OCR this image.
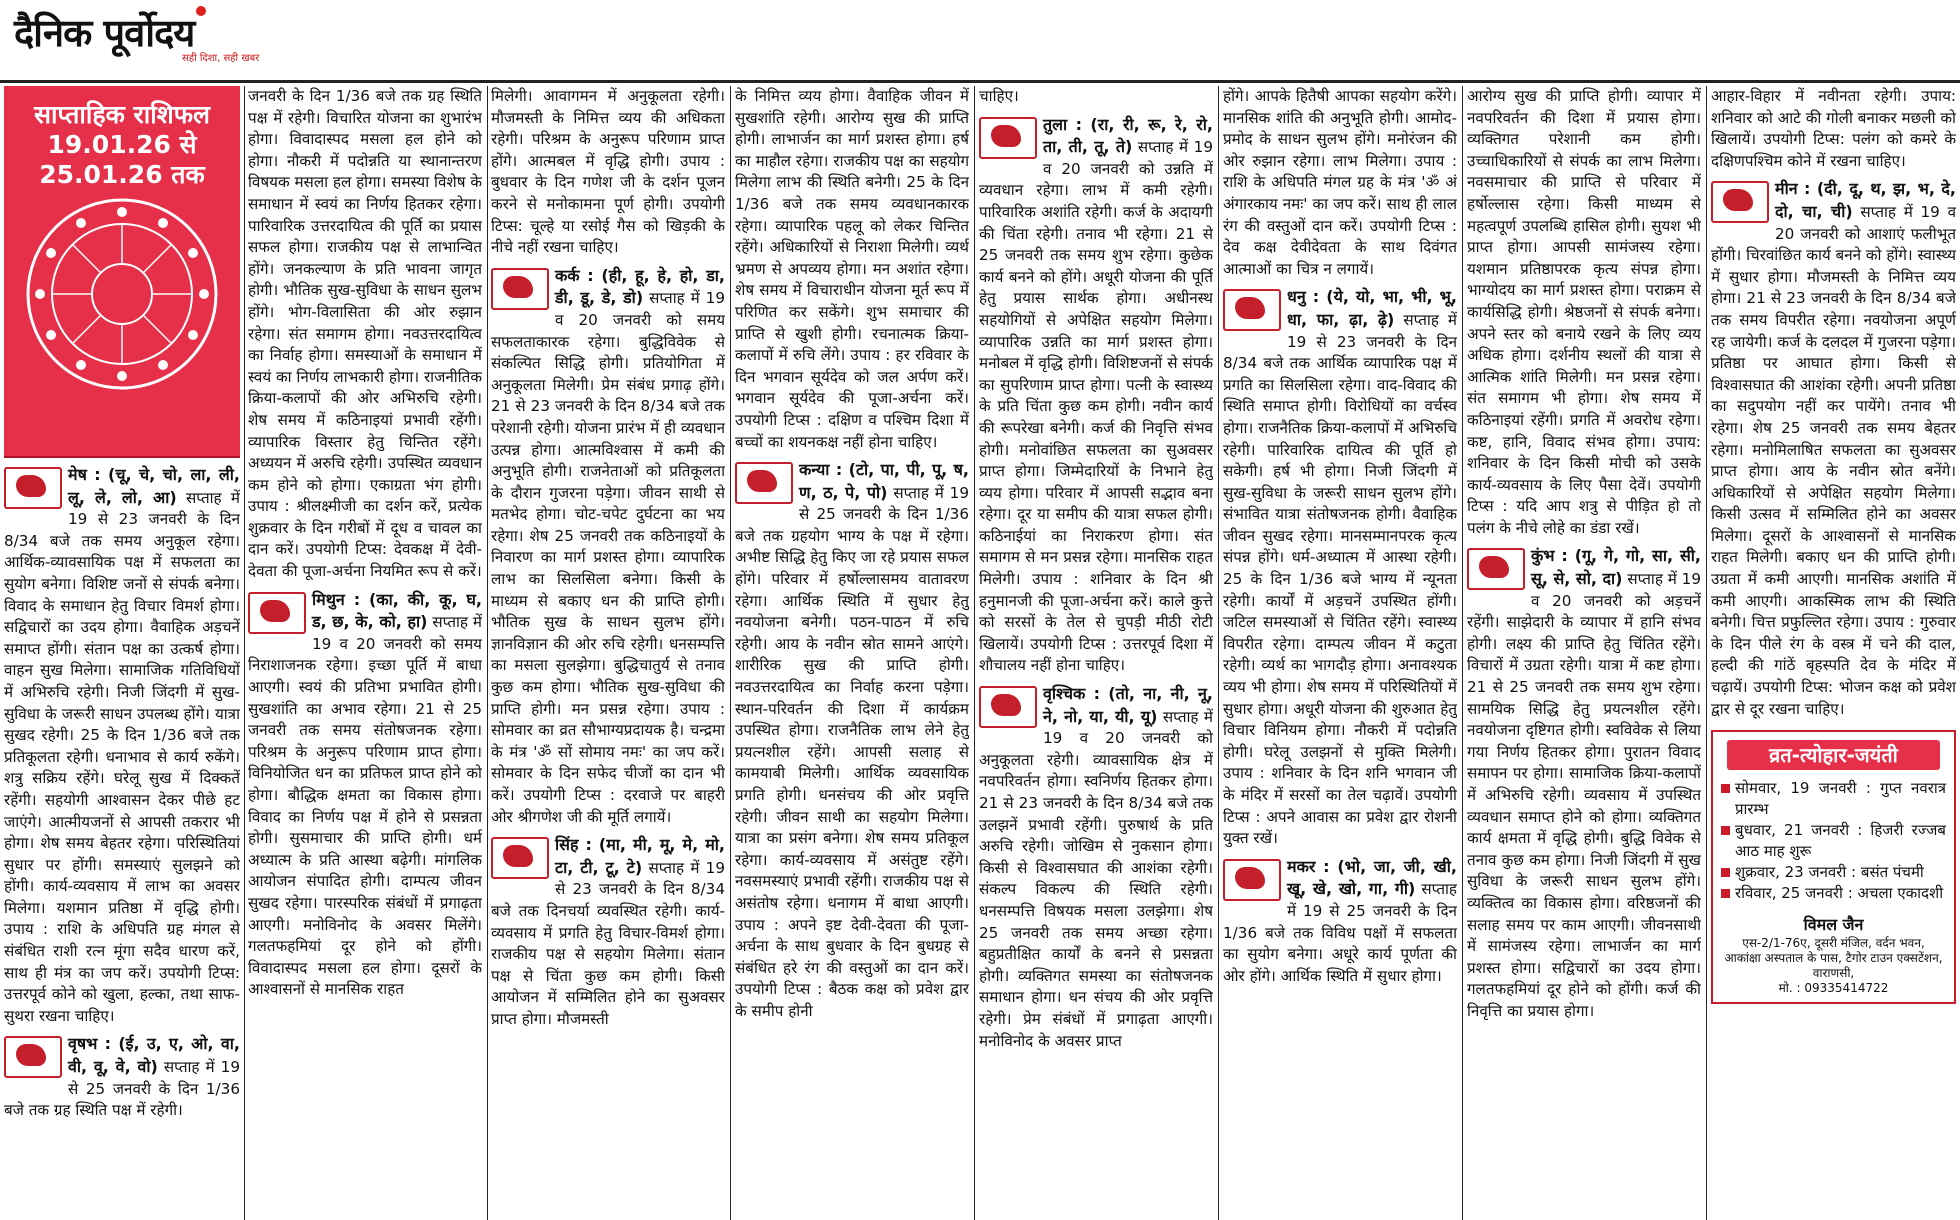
दैनिक पूर्वोदय
सही दिशा, सही खबर
साप्ताहिक राशिफल
19.01.26 से
25.01.26 तक
मेष : (चू, चे, चो, ला, ली, लू, ले, लो, आ) सप्ताह में 19 से 23 जनवरी के दिन 8/34 बजे तक समय अनुकूल रहेगा। आर्थिक-व्यावसायिक पक्ष में सफलता का सुयोग बनेगा। विशिष्ट जनों से संपर्क बनेगा। विवाद के समाधान हेतु विचार विमर्श होगा। सद्विचारों का उदय होगा। वैवाहिक अड़चनें समाप्त होंगी। संतान पक्ष का उत्कर्ष होगा। वाहन सुख मिलेगा। सामाजिक गतिविधियों में अभिरुचि रहेगी। निजी जिंदगी में सुख-सुविधा के जरूरी साधन उपलब्ध होंगे। यात्रा सुखद रहेगी। 25 के दिन 1/36 बजे तक प्रतिकूलता रहेगी। धनाभाव से कार्य रुकेंगे। शत्रु सक्रिय रहेंगे। घरेलू सुख में दिक्कतें रहेंगी। सहयोगी आश्वासन देकर पीछे हट जाएंगे। आत्मीयजनों से आपसी तकरार भी होगा। शेष समय बेहतर रहेगा। परिस्थितियां सुधार पर होंगी। समस्याएं सुलझने को होंगी। कार्य-व्यवसाय में लाभ का अवसर मिलेगा। यशमान प्रतिष्ठा में वृद्धि होगी। उपाय : राशि के अधिपति ग्रह मंगल से संबंधित राशी रत्न मूंगा सदैव धारण करें, साथ ही मंत्र का जप करें। उपयोगी टिप्स: उत्तरपूर्व कोने को खुला, हल्का, तथा साफ-सुथरा रखना चाहिए।
वृषभ : (ई, उ, ए, ओ, वा, वी, वू, वे, वो) सप्ताह में 19 से 25 जनवरी के दिन 1/36 बजे तक ग्रह स्थिति पक्ष में रहेगी।

जनवरी के दिन 1/36 बजे तक ग्रह स्थिति पक्ष में रहेगी। विचारित योजना का शुभारंभ होगा। विवादास्पद मसला हल होने को होगा। नौकरी में पदोन्नति या स्थानान्तरण विषयक मसला हल होगा। समस्या विशेष के समाधान में स्वयं का निर्णय हितकर रहेगा। पारिवारिक उत्तरदायित्व की पूर्ति का प्रयास सफल होगा। राजकीय पक्ष से लाभान्वित होंगे। जनकल्याण के प्रति भावना जागृत होगी। भौतिक सुख-सुविधा के साधन सुलभ होंगे। भोग-विलासिता की ओर रुझान रहेगा। संत समागम होगा। नवउत्तरदायित्व का निर्वाह होगा। समस्याओं के समाधान में स्वयं का निर्णय लाभकारी होगा। राजनीतिक क्रिया-कलापों की ओर अभिरुचि रहेगी। शेष समय में कठिनाइयां प्रभावी रहेंगी। व्यापारिक विस्तार हेतु चिन्तित रहेंगे। अध्ययन में अरुचि रहेगी। उपस्थित व्यवधान कम होने को होगा। एकाग्रता भंग होगी। उपाय : श्रीलक्ष्मीजी का दर्शन करें, प्रत्येक शुक्रवार के दिन गरीबों में दूध व चावल का दान करें। उपयोगी टिप्स: देवकक्ष में देवी-देवता की पूजा-अर्चना नियमित रूप से करें।

मिथुन : (का, की, कू, घ, ड, छ, के, को, हा) सप्ताह में 19 व 20 जनवरी को समय निराशाजनक रहेगा। इच्छा पूर्ति में बाधा आएगी। स्वयं की प्रतिभा प्रभावित होगी। सुखशांति का अभाव रहेगा। 21 से 25 जनवरी तक समय संतोषजनक रहेगा। परिश्रम के अनुरूप परिणाम प्राप्त होगा। विनियोजित धन का प्रतिफल प्राप्त होने को होगा। बौद्धिक क्षमता का विकास होगा। विवाद का निर्णय पक्ष में होने से प्रसन्नता होगी। सुसमाचार की प्राप्ति होगी। धर्म अध्यात्म के प्रति आस्था बढ़ेगी। मांगलिक आयोजन संपादित होगी। दाम्पत्य जीवन सुखद रहेगा। पारस्परिक संबंधों में प्रगाढ़ता आएगी। मनोविनोद के अवसर मिलेंगे। गलतफहमियां दूर होने को होंगी। विवादास्पद मसला हल होगा। दूसरों के आश्वासनों से मानसिक राहत

मिलेगी। आवागमन में अनुकूलता रहेगी। मौजमस्ती के निमित्त व्यय की अधिकता रहेगी। परिश्रम के अनुरूप परिणाम प्राप्त होंगे। आत्मबल में वृद्धि होगी। उपाय : बुधवार के दिन गणेश जी के दर्शन पूजन करने से मनोकामना पूर्ण होगी। उपयोगी टिप्स: चूल्हे या रसोई गैस को खिड़की के नीचे नहीं रखना चाहिए।

कर्क : (ही, हू, हे, हो, डा, डी, डू, डे, डो) सप्ताह में 19 व 20 जनवरी को समय सफलताकारक रहेगा। बुद्धिविवेक से संकल्पित सिद्धि होगी। प्रतियोगिता में अनुकूलता मिलेगी। प्रेम संबंध प्रगाढ़ होंगे। 21 से 23 जनवरी के दिन 8/34 बजे तक परेशानी रहेगी। योजना प्रारंभ में ही व्यवधान उत्पन्न होगा। आत्मविश्वास में कमी की अनुभूति होगी। राजनेताओं को प्रतिकूलता के दौरान गुजरना पड़ेगा। जीवन साथी से मतभेद होगा। चोट-चपेट दुर्घटना का भय रहेगा। शेष 25 जनवरी तक कठिनाइयों के निवारण का मार्ग प्रशस्त होगा। व्यापारिक लाभ का सिलसिला बनेगा। किसी के माध्यम से बकाए धन की प्राप्ति होगी। भौतिक सुख के साधन सुलभ होंगे। ज्ञानविज्ञान की ओर रुचि रहेगी। धनसम्पत्ति का मसला सुलझेगा। बुद्धिचातुर्य से तनाव कुछ कम होगा। भौतिक सुख-सुविधा की प्राप्ति होगी। मन प्रसन्न रहेगा। उपाय : सोमवार का व्रत सौभाग्यप्रदायक है। चन्द्रमा के मंत्र 'ॐ सों सोमाय नमः' का जप करें। सोमवार के दिन सफेद चीजों का दान भी करें। उपयोगी टिप्स : दरवाजे पर बाहरी ओर श्रीगणेश जी की मूर्ति लगायें।
सिंह : (मा, मी, मू, मे, मो, टा, टी, टू, टे) सप्ताह में 19 से 23 जनवरी के दिन 8/34 बजे तक दिनचर्या व्यवस्थित रहेगी। कार्य-व्यवसाय में प्रगति हेतु विचार-विमर्श होगा। राजकीय पक्ष से सहयोग मिलेगा। संतान पक्ष से चिंता कुछ कम होगी। किसी आयोजन में सम्मिलित होने का सुअवसर प्राप्त होगा। मौजमस्ती

के निमित्त व्यय होगा। वैवाहिक जीवन में सुखशांति रहेगी। आरोग्य सुख की प्राप्ति होगी। लाभार्जन का मार्ग प्रशस्त होगा। हर्ष का माहौल रहेगा। राजकीय पक्ष का सहयोग मिलेगा लाभ की स्थिति बनेगी। 25 के दिन 1/36 बजे तक समय व्यवधानकारक रहेगा। व्यापारिक पहलू को लेकर चिन्तित रहेंगे। अधिकारियों से निराशा मिलेगी। व्यर्थ भ्रमण से अपव्यय होगा। मन अशांत रहेगा। शेष समय में विचाराधीन योजना मूर्त रूप में परिणित कर सकेंगे। शुभ समाचार की प्राप्ति से खुशी होगी। रचनात्मक क्रिया-कलापों में रुचि लेंगे। उपाय : हर रविवार के दिन भगवान सूर्यदेव को जल अर्पण करें। भगवान सूर्यदेव की पूजा-अर्चना करें। उपयोगी टिप्स : दक्षिण व पश्चिम दिशा में बच्चों का शयनकक्ष नहीं होना चाहिए।

कन्या : (टो, पा, पी, पू, ष, ण, ठ, पे, पो) सप्ताह में 19 से 25 जनवरी के दिन 1/36 बजे तक ग्रहयोग भाग्य के पक्ष में रहेगा। अभीष्ट सिद्धि हेतु किए जा रहे प्रयास सफल होंगे। परिवार में हर्षोल्लासमय वातावरण रहेगा। आर्थिक स्थिति में सुधार हेतु नवयोजना बनेगी। पठन-पाठन में रुचि रहेगी। आय के नवीन स्रोत सामने आएंगे। शारीरिक सुख की प्राप्ति होगी। नवउत्तरदायित्व का निर्वाह करना पड़ेगा। स्थान-परिवर्तन की दिशा में कार्यक्रम उपस्थित होगा। राजनैतिक लाभ लेने हेतु प्रयत्नशील रहेंगे। आपसी सलाह से कामयाबी मिलेगी। आर्थिक व्यवसायिक प्रगति होगी। धनसंचय की ओर प्रवृत्ति रहेगी। जीवन साथी का सहयोग मिलेगा। यात्रा का प्रसंग बनेगा। शेष समय प्रतिकूल रहेगा। कार्य-व्यवसाय में असंतुष्ट रहेंगे। नवसमस्याएं प्रभावी रहेंगी। राजकीय पक्ष से असंतोष रहेगा। धनागम में बाधा आएगी। उपाय : अपने इष्ट देवी-देवता की पूजा-अर्चना के साथ बुधवार के दिन बुधग्रह से संबंधित हरे रंग की वस्तुओं का दान करें। उपयोगी टिप्स : बैठक कक्ष को प्रवेश द्वार के समीप होनी

चाहिए।

तुला : (रा, री, रू, रे, रो, ता, ती, तू, ते) सप्ताह में 19 व 20 जनवरी को उन्नति में व्यवधान रहेगा। लाभ में कमी रहेगी। पारिवारिक अशांति रहेगी। कर्ज के अदायगी की चिंता रहेगी। तनाव भी रहेगा। 21 से 25 जनवरी तक समय शुभ रहेगा। कुछेक कार्य बनने को होंगे। अधूरी योजना की पूर्ति हेतु प्रयास सार्थक होगा। अधीनस्थ सहयोगियों से अपेक्षित सहयोग मिलेगा। व्यापारिक उन्नति का मार्ग प्रशस्त होगा। मनोबल में वृद्धि होगी। विशिष्टजनों से संपर्क का सुपरिणाम प्राप्त होगा। पत्नी के स्वास्थ्य के प्रति चिंता कुछ कम होगी। नवीन कार्य की रूपरेखा बनेगी। कर्ज की निवृत्ति संभव होगी। मनोवांछित सफलता का सुअवसर प्राप्त होगा। जिम्मेदारियों के निभाने हेतु व्यय होगा। परिवार में आपसी सद्भाव बना रहेगा। दूर या समीप की यात्रा सफल होगी। कठिनाईयां का निराकरण होगा। संत समागम से मन प्रसन्न रहेगा। मानसिक राहत मिलेगी। उपाय : शनिवार के दिन श्री हनुमानजी की पूजा-अर्चना करें। काले कुत्ते को सरसों के तेल से चुपड़ी मीठी रोटी खिलायें। उपयोगी टिप्स : उत्तरपूर्व दिशा में शौचालय नहीं होना चाहिए।
वृश्चिक : (तो, ना, नी, नू, ने, नो, या, यी, यू) सप्ताह में 19 व 20 जनवरी को अनुकूलता रहेगी। व्यावसायिक क्षेत्र में नवपरिवर्तन होगा। स्वनिर्णय हितकर होगा। 21 से 23 जनवरी के दिन 8/34 बजे तक उलझनें प्रभावी रहेंगी। पुरुषार्थ के प्रति अरुचि रहेगी। जोखिम से नुकसान होगा। किसी से विश्वासघात की आशंका रहेगी। संकल्प विकल्प की स्थिति रहेगी। धनसम्पत्ति विषयक मसला उलझेगा। शेष 25 जनवरी तक समय अच्छा रहेगा। बहुप्रतीक्षित कार्यों के बनने से प्रसन्नता होगी। व्यक्तिगत समस्या का संतोषजनक समाधान होगा। धन संचय की ओर प्रवृत्ति रहेगी। प्रेम संबंधों में प्रगाढ़ता आएगी। मनोविनोद के अवसर प्राप्त

होंगे। आपके हितैषी आपका सहयोग करेंगे। मानसिक शांति की अनुभूति होगी। आमोद-प्रमोद के साधन सुलभ होंगे। मनोरंजन की ओर रुझान रहेगा। लाभ मिलेगा। उपाय : राशि के अधिपति मंगल ग्रह के मंत्र 'ॐ अं अंगारकाय नमः' का जप करें। साथ ही लाल रंग की वस्तुओं दान करें। उपयोगी टिप्स : देव कक्ष देवीदेवता के साथ दिवंगत आत्माओं का चित्र न लगायें।

धनु : (ये, यो, भा, भी, भू, धा, फा, ढ़ा, ढ़े) सप्ताह में 19 से 23 जनवरी के दिन 8/34 बजे तक आर्थिक व्यापारिक पक्ष में प्रगति का सिलसिला रहेगा। वाद-विवाद की स्थिति समाप्त होगी। विरोधियों का वर्चस्व होगा। राजनैतिक क्रिया-कलापों में अभिरुचि रहेगी। पारिवारिक दायित्व की पूर्ति हो सकेगी। हर्ष भी होगा। निजी जिंदगी में सुख-सुविधा के जरूरी साधन सुलभ होंगे। संभावित यात्रा संतोषजनक होगी। वैवाहिक जीवन सुखद रहेगा। मानसम्मानपरक कृत्य संपन्न होंगे। धर्म-अध्यात्म में आस्था रहेगी। 25 के दिन 1/36 बजे भाग्य में न्यूनता रहेगी। कार्यों में अड़चनें उपस्थित होंगी। जटिल समस्याओं से चिंतित रहेंगे। स्वास्थ्य विपरीत रहेगा। दाम्पत्य जीवन में कटुता रहेगी। व्यर्थ का भागदौड़ होगा। अनावश्यक व्यय भी होगा। शेष समय में परिस्थितियों में सुधार होगा। अधूरी योजना की शुरुआत हेतु विचार विनियम होगा। नौकरी में पदोन्नति होगी। घरेलू उलझनों से मुक्ति मिलेगी। उपाय : शनिवार के दिन शनि भगवान जी के मंदिर में सरसों का तेल चढ़ावें। उपयोगी टिप्स : अपने आवास का प्रवेश द्वार रोशनी युक्त रखें।
मकर : (भो, जा, जी, खी, खू, खे, खो, गा, गी) सप्ताह में 19 से 25 जनवरी के दिन 1/36 बजे तक विविध पक्षों में सफलता का सुयोग बनेगा। अधूरे कार्य पूर्णता की ओर होंगे। आर्थिक स्थिति में सुधार होगा।

आरोग्य सुख की प्राप्ति होगी। व्यापार में नवपरिवर्तन की दिशा में प्रयास होगा। व्यक्तिगत परेशानी कम होगी। उच्चाधिकारियों से संपर्क का लाभ मिलेगा। नवसमाचार की प्राप्ति से परिवार में हर्षोल्लास रहेगा। किसी माध्यम से महत्वपूर्ण उपलब्धि हासिल होगी। सुयश भी प्राप्त होगा। आपसी सामंजस्य रहेगा। यशमान प्रतिष्ठापरक कृत्य संपन्न होगा। भाग्योदय का मार्ग प्रशस्त होगा। पराक्रम से कार्यसिद्धि होगी। श्रेष्ठजनों से संपर्क बनेगा। अपने स्तर को बनाये रखने के लिए व्यय अधिक होगा। दर्शनीय स्थलों की यात्रा से आत्मिक शांति मिलेगी। मन प्रसन्न रहेगा। संत समागम भी होगा। शेष समय में कठिनाइयां रहेंगी। प्रगति में अवरोध रहेगा। कष्ट, हानि, विवाद संभव होगा। उपाय: शनिवार के दिन किसी मोची को उसके कार्य-व्यवसाय के लिए पैसा देवें। उपयोगी टिप्स : यदि आप शत्रु से पीड़ित हो तो पलंग के नीचे लोहे का डंडा रखें।

कुंभ : (गू, गे, गो, सा, सी, सू, से, सो, दा) सप्ताह में 19 व 20 जनवरी को अड़चनें रहेंगी। साझेदारी के व्यापार में हानि संभव होगी। लक्ष्य की प्राप्ति हेतु चिंतित रहेंगे। विचारों में उग्रता रहेगी। यात्रा में कष्ट होगा। 21 से 25 जनवरी तक समय शुभ रहेगा। सामयिक सिद्धि हेतु प्रयत्नशील रहेंगे। नवयोजना दृष्टिगत होगी। स्वविवेक से लिया गया निर्णय हितकर होगा। पुरातन विवाद समापन पर होगा। सामाजिक क्रिया-कलापों में अभिरुचि रहेगी। व्यवसाय में उपस्थित व्यवधान समाप्त होने को होगा। व्यक्तिगत कार्य क्षमता में वृद्धि होगी। बुद्धि विवेक से तनाव कुछ कम होगा। निजी जिंदगी में सुख सुविधा के जरूरी साधन सुलभ होंगे। व्यक्तित्व का विकास होगा। वरिष्ठजनों की सलाह समय पर काम आएगी। जीवनसाथी में सामंजस्य रहेगा। लाभार्जन का मार्ग प्रशस्त होगा। सद्विचारों का उदय होगा। गलतफहमियां दूर होने को होंगी। कर्ज की निवृत्ति का प्रयास होगा।

आहार-विहार में नवीनता रहेगी। उपाय: शनिवार को आटे की गोली बनाकर मछली को खिलायें। उपयोगी टिप्स: पलंग को कमरे के दक्षिणपश्चिम कोने में रखना चाहिए।

मीन : (दी, दू, थ, झ, भ, दे, दो, चा, ची) सप्ताह में 19 व 20 जनवरी को आशाएं फलीभूत होंगी। चिरवांछित कार्य बनने को होंगे। स्वास्थ्य में सुधार होगा। मौजमस्ती के निमित्त व्यय होगा। 21 से 23 जनवरी के दिन 8/34 बजे तक समय विपरीत रहेगा। नवयोजना अपूर्ण रह जायेगी। कर्ज के दलदल में गुजरना पड़ेगा। प्रतिष्ठा पर आघात होगा। किसी से विश्वासघात की आशंका रहेगी। अपनी प्रतिष्ठा का सदुपयोग नहीं कर पायेंगे। तनाव भी रहेगा। शेष 25 जनवरी तक समय बेहतर रहेगा। मनोमिलाषित सफलता का सुअवसर प्राप्त होगा। आय के नवीन स्रोत बनेंगे। अधिकारियों से अपेक्षित सहयोग मिलेगा। किसी उत्सव में सम्मिलित होने का अवसर मिलेगा। दूसरों के आश्वासनों से मानसिक राहत मिलेगी। बकाए धन की प्राप्ति होगी। उग्रता में कमी आएगी। मानसिक अशांति में कमी आएगी। आकस्मिक लाभ की स्थिति बनेगी। चित्त प्रफुल्लित रहेगा। उपाय : गुरुवार के दिन पीले रंग के वस्त्र में चने की दाल, हल्दी की गांठें बृहस्पति देव के मंदिर में चढ़ायें। उपयोगी टिप्स: भोजन कक्ष को प्रवेश द्वार से दूर रखना चाहिए।
व्रत-त्योहार-जयंती
सोमवार, 19 जनवरी : गुप्त नवरात्र प्रारम्भ
बुधवार, 21 जनवरी : हिजरी रज्जब आठ माह शुरू
शुक्रवार, 23 जनवरी : बसंत पंचमी
रविवार, 25 जनवरी : अचला एकादशी
विमल जैन
एस-2/1-76ए, दूसरी मंजिल, वर्दन भवन, आकांक्षा अस्पताल के पास, टैगोर टाउन एक्सटेंशन, वाराणसी,
मो. : 09335414722
